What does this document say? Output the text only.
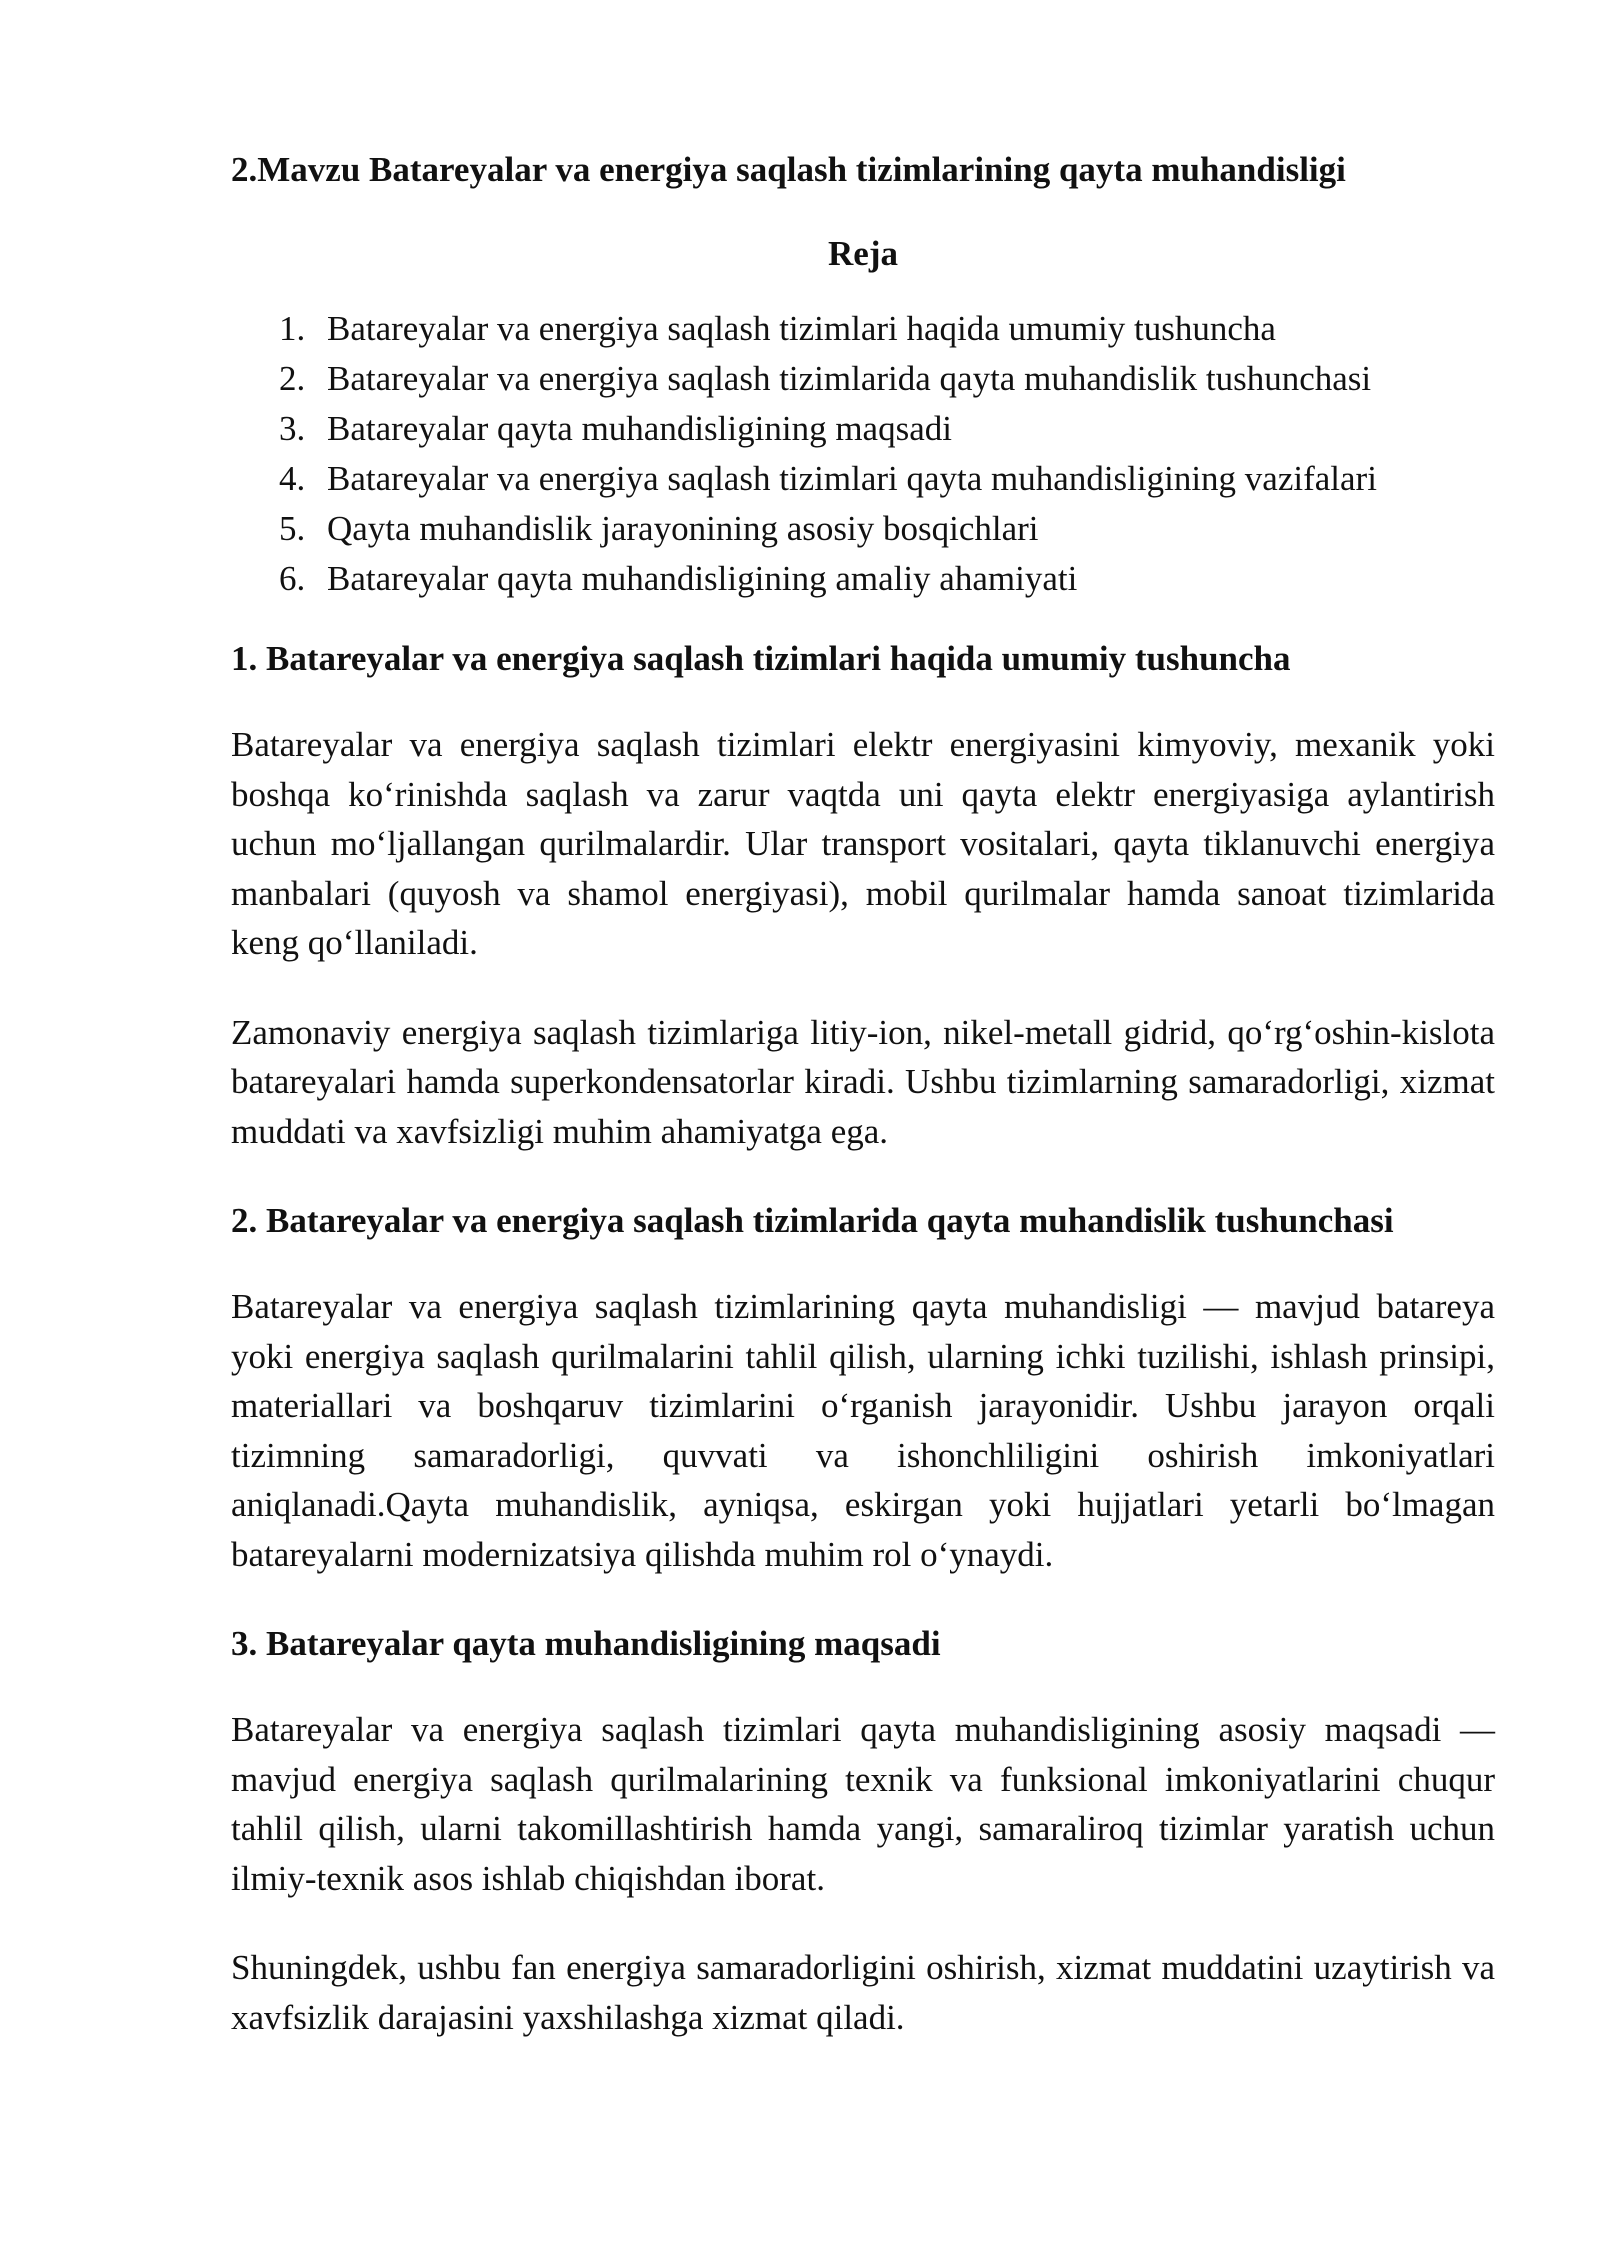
2.Mavzu Batareyalar va energiya saqlash tizimlarining qayta muhandisligi
Reja
1. Batareyalar va energiya saqlash tizimlari haqida umumiy tushuncha
2. Batareyalar va energiya saqlash tizimlarida qayta muhandislik tushunchasi
3. Batareyalar qayta muhandisligining maqsadi
4. Batareyalar va energiya saqlash tizimlari qayta muhandisligining vazifalari
5. Qayta muhandislik jarayonining asosiy bosqichlari
6. Batareyalar qayta muhandisligining amaliy ahamiyati
1. Batareyalar va energiya saqlash tizimlari haqida umumiy tushuncha

Batareyalar va energiya saqlash tizimlari elektr energiyasini kimyoviy, mexanik yoki boshqa ko‘rinishda saqlash va zarur vaqtda uni qayta elektr energiyasiga aylantirish uchun mo‘ljallangan qurilmalardir. Ular transport vositalari, qayta tiklanuvchi energiya manbalari (quyosh va shamol energiyasi), mobil qurilmalar hamda sanoat tizimlarida keng qo‘llaniladi.

Zamonaviy energiya saqlash tizimlariga litiy-ion, nikel-metall gidrid, qo‘rg‘oshin-kislota batareyalari hamda superkondensatorlar kiradi. Ushbu tizimlarning samaradorligi, xizmat muddati va xavfsizligi muhim ahamiyatga ega.

2. Batareyalar va energiya saqlash tizimlarida qayta muhandislik tushunchasi

Batareyalar va energiya saqlash tizimlarining qayta muhandisligi — mavjud batareya yoki energiya saqlash qurilmalarini tahlil qilish, ularning ichki tuzilishi, ishlash prinsipi, materiallari va boshqaruv tizimlarini o‘rganish jarayonidir. Ushbu jarayon orqali tizimning samaradorligi, quvvati va ishonchliligini oshirish imkoniyatlari aniqlanadi.Qayta muhandislik, ayniqsa, eskirgan yoki hujjatlari yetarli bo‘lmagan batareyalarni modernizatsiya qilishda muhim rol o‘ynaydi.

3. Batareyalar qayta muhandisligining maqsadi

Batareyalar va energiya saqlash tizimlari qayta muhandisligining asosiy maqsadi — mavjud energiya saqlash qurilmalarining texnik va funksional imkoniyatlarini chuqur tahlil qilish, ularni takomillashtirish hamda yangi, samaraliroq tizimlar yaratish uchun ilmiy-texnik asos ishlab chiqishdan iborat.

Shuningdek, ushbu fan energiya samaradorligini oshirish, xizmat muddatini uzaytirish va xavfsizlik darajasini yaxshilashga xizmat qiladi.
